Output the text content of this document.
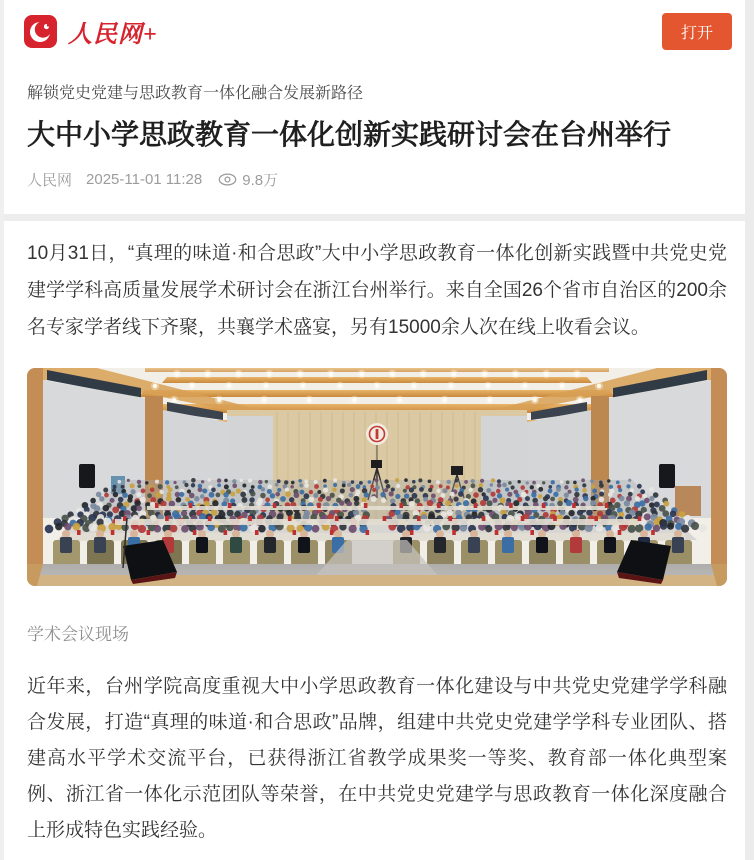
人民网+	打开
解锁党史党建与思政教育一体化融合发展新路径
大中小学思政教育一体化创新实践研讨会在台州举行
人民网 2025-11-01 11:28	9.8万

10月31日，“真理的味道·和合思政”大中小学思政教育一体化创新实践暨中共党史党建学学科高质量发展学术研讨会在浙江台州举行。来自全国26个省市自治区的200余名专家学者线下齐聚，共襄学术盛宴，另有15000余人次在线上收看会议。

学术会议现场

近年来，台州学院高度重视大中小学思政教育一体化建设与中共党史党建学学科融合发展，打造“真理的味道·和合思政”品牌，组建中共党史党建学学科专业团队、搭建高水平学术交流平台，已获得浙江省教学成果奖一等奖、教育部一体化典型案例、浙江省一体化示范团队等荣誉，在中共党史党建学与思政教育一体化深度融合上形成特色实践经验。
